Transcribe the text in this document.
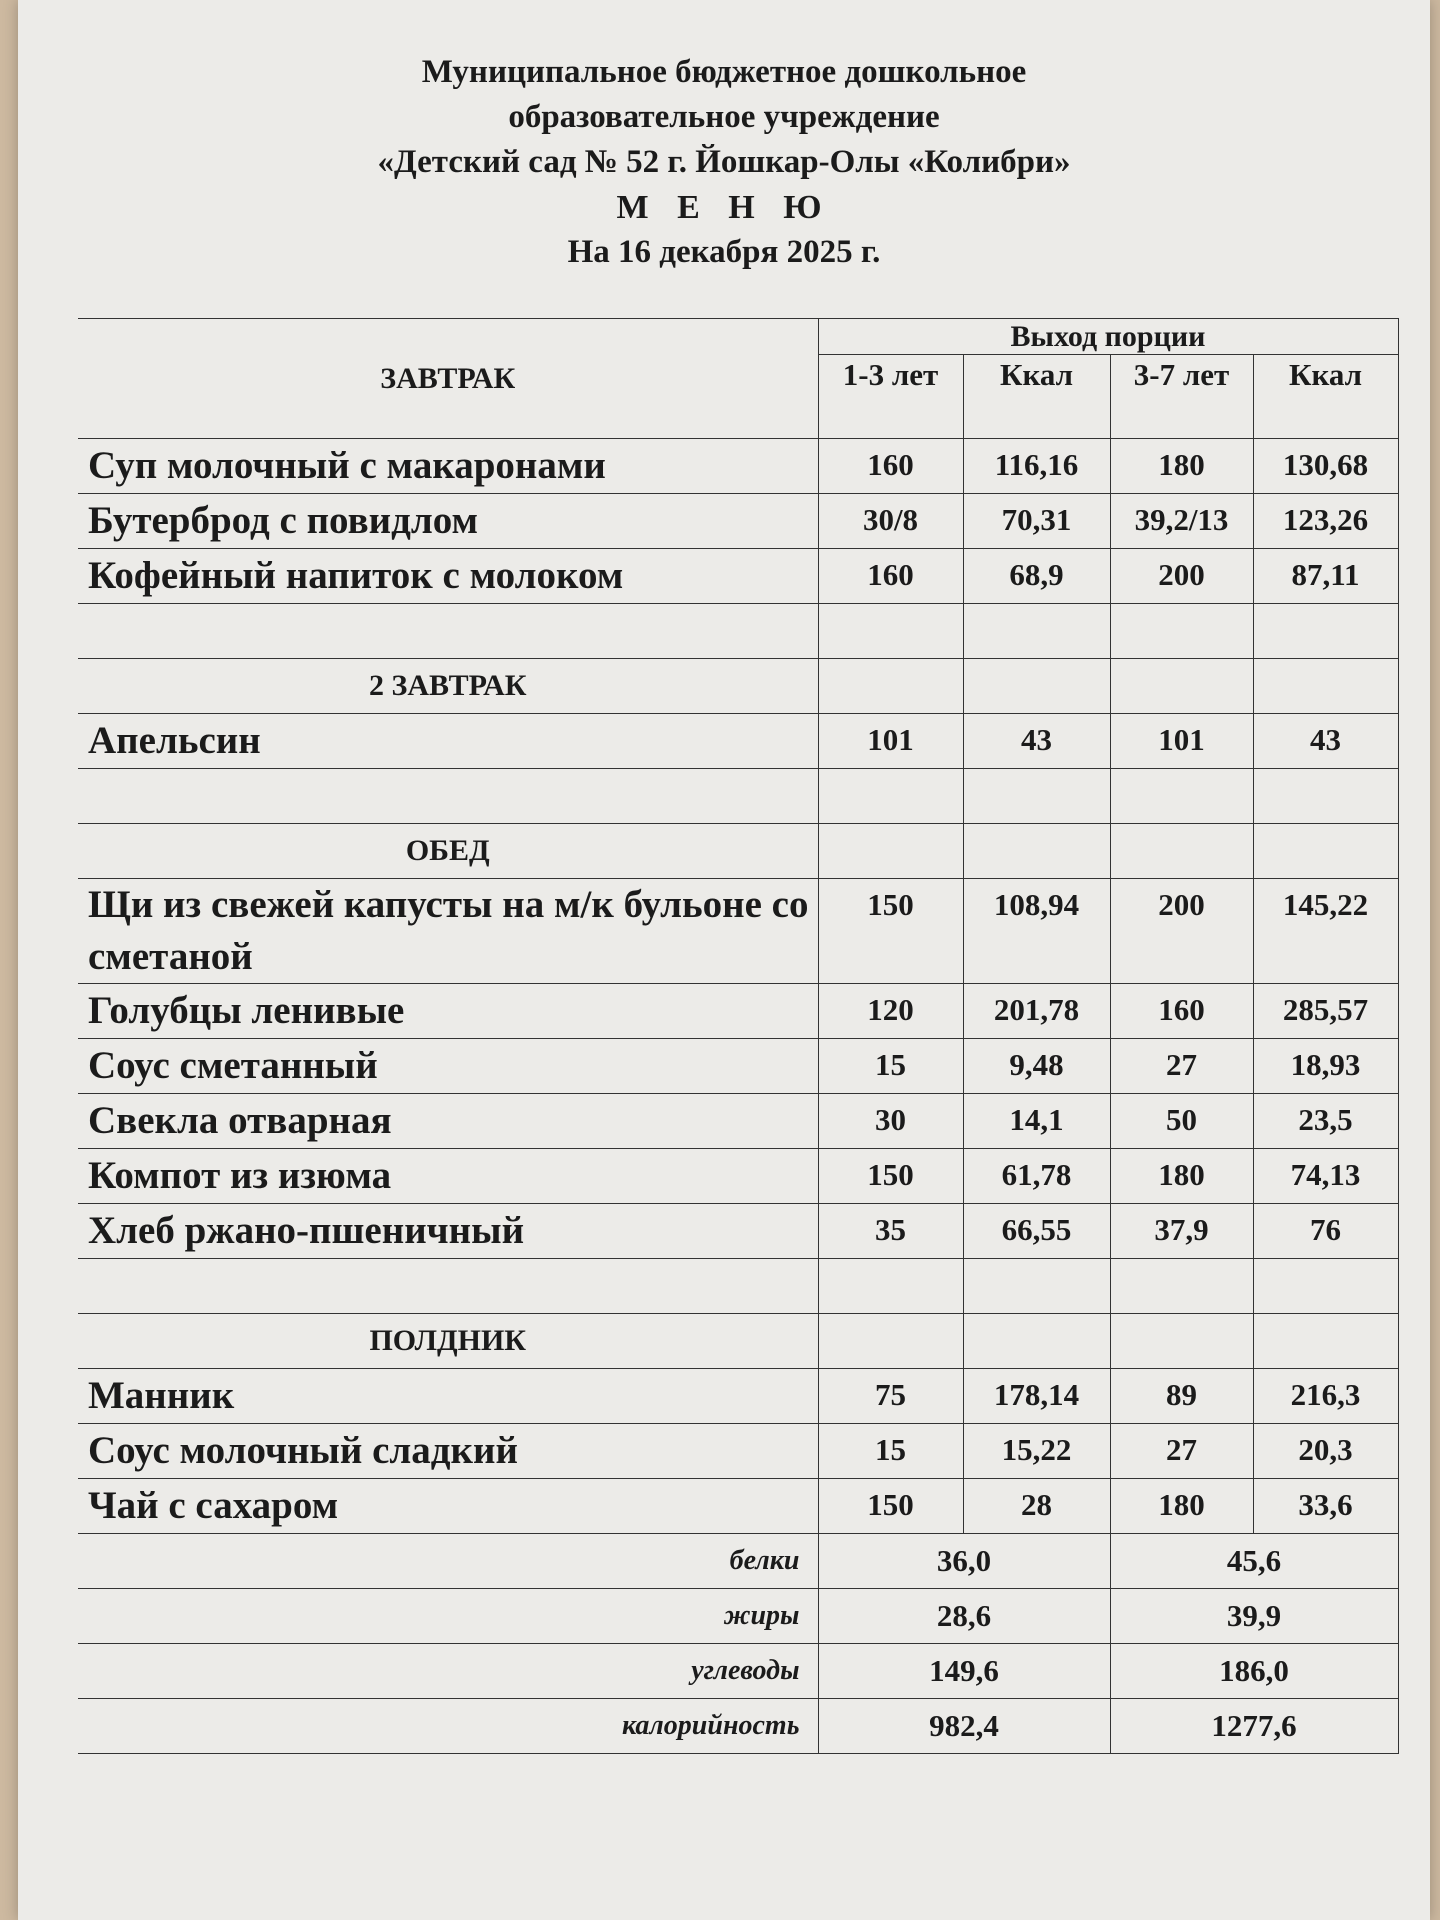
Муниципальное бюджетное дошкольное
образовательное учреждение
«Детский сад № 52 г. Йошкар-Олы «Колибри»
М Е Н Ю
На 16 декабря 2025 г.
ЗАВТРАК	Выход порции			
	1-3 лет	Ккал	3-7 лет	Ккал
Суп молочный с макаронами	160	116,16	180	130,68
Бутерброд с повидлом	30/8	70,31	39,2/13	123,26
Кофейный напиток с молоком	160	68,9	200	87,11

2 ЗАВТРАК				
Апельсин	101	43	101	43

ОБЕД				
Щи из свежей капусты на м/к бульоне со сметаной	150	108,94	200	145,22
Голубцы ленивые	120	201,78	160	285,57
Соус сметанный	15	9,48	27	18,93
Свекла отварная	30	14,1	50	23,5
Компот из изюма	150	61,78	180	74,13
Хлеб ржано-пшеничный	35	66,55	37,9	76

ПОЛДНИК				
Манник	75	178,14	89	216,3
Соус молочный сладкий	15	15,22	27	20,3
Чай с сахаром	150	28	180	33,6
белки	36,0		45,6	
жиры	28,6		39,9	
углеводы	149,6		186,0	
калорийность	982,4		1277,6	
